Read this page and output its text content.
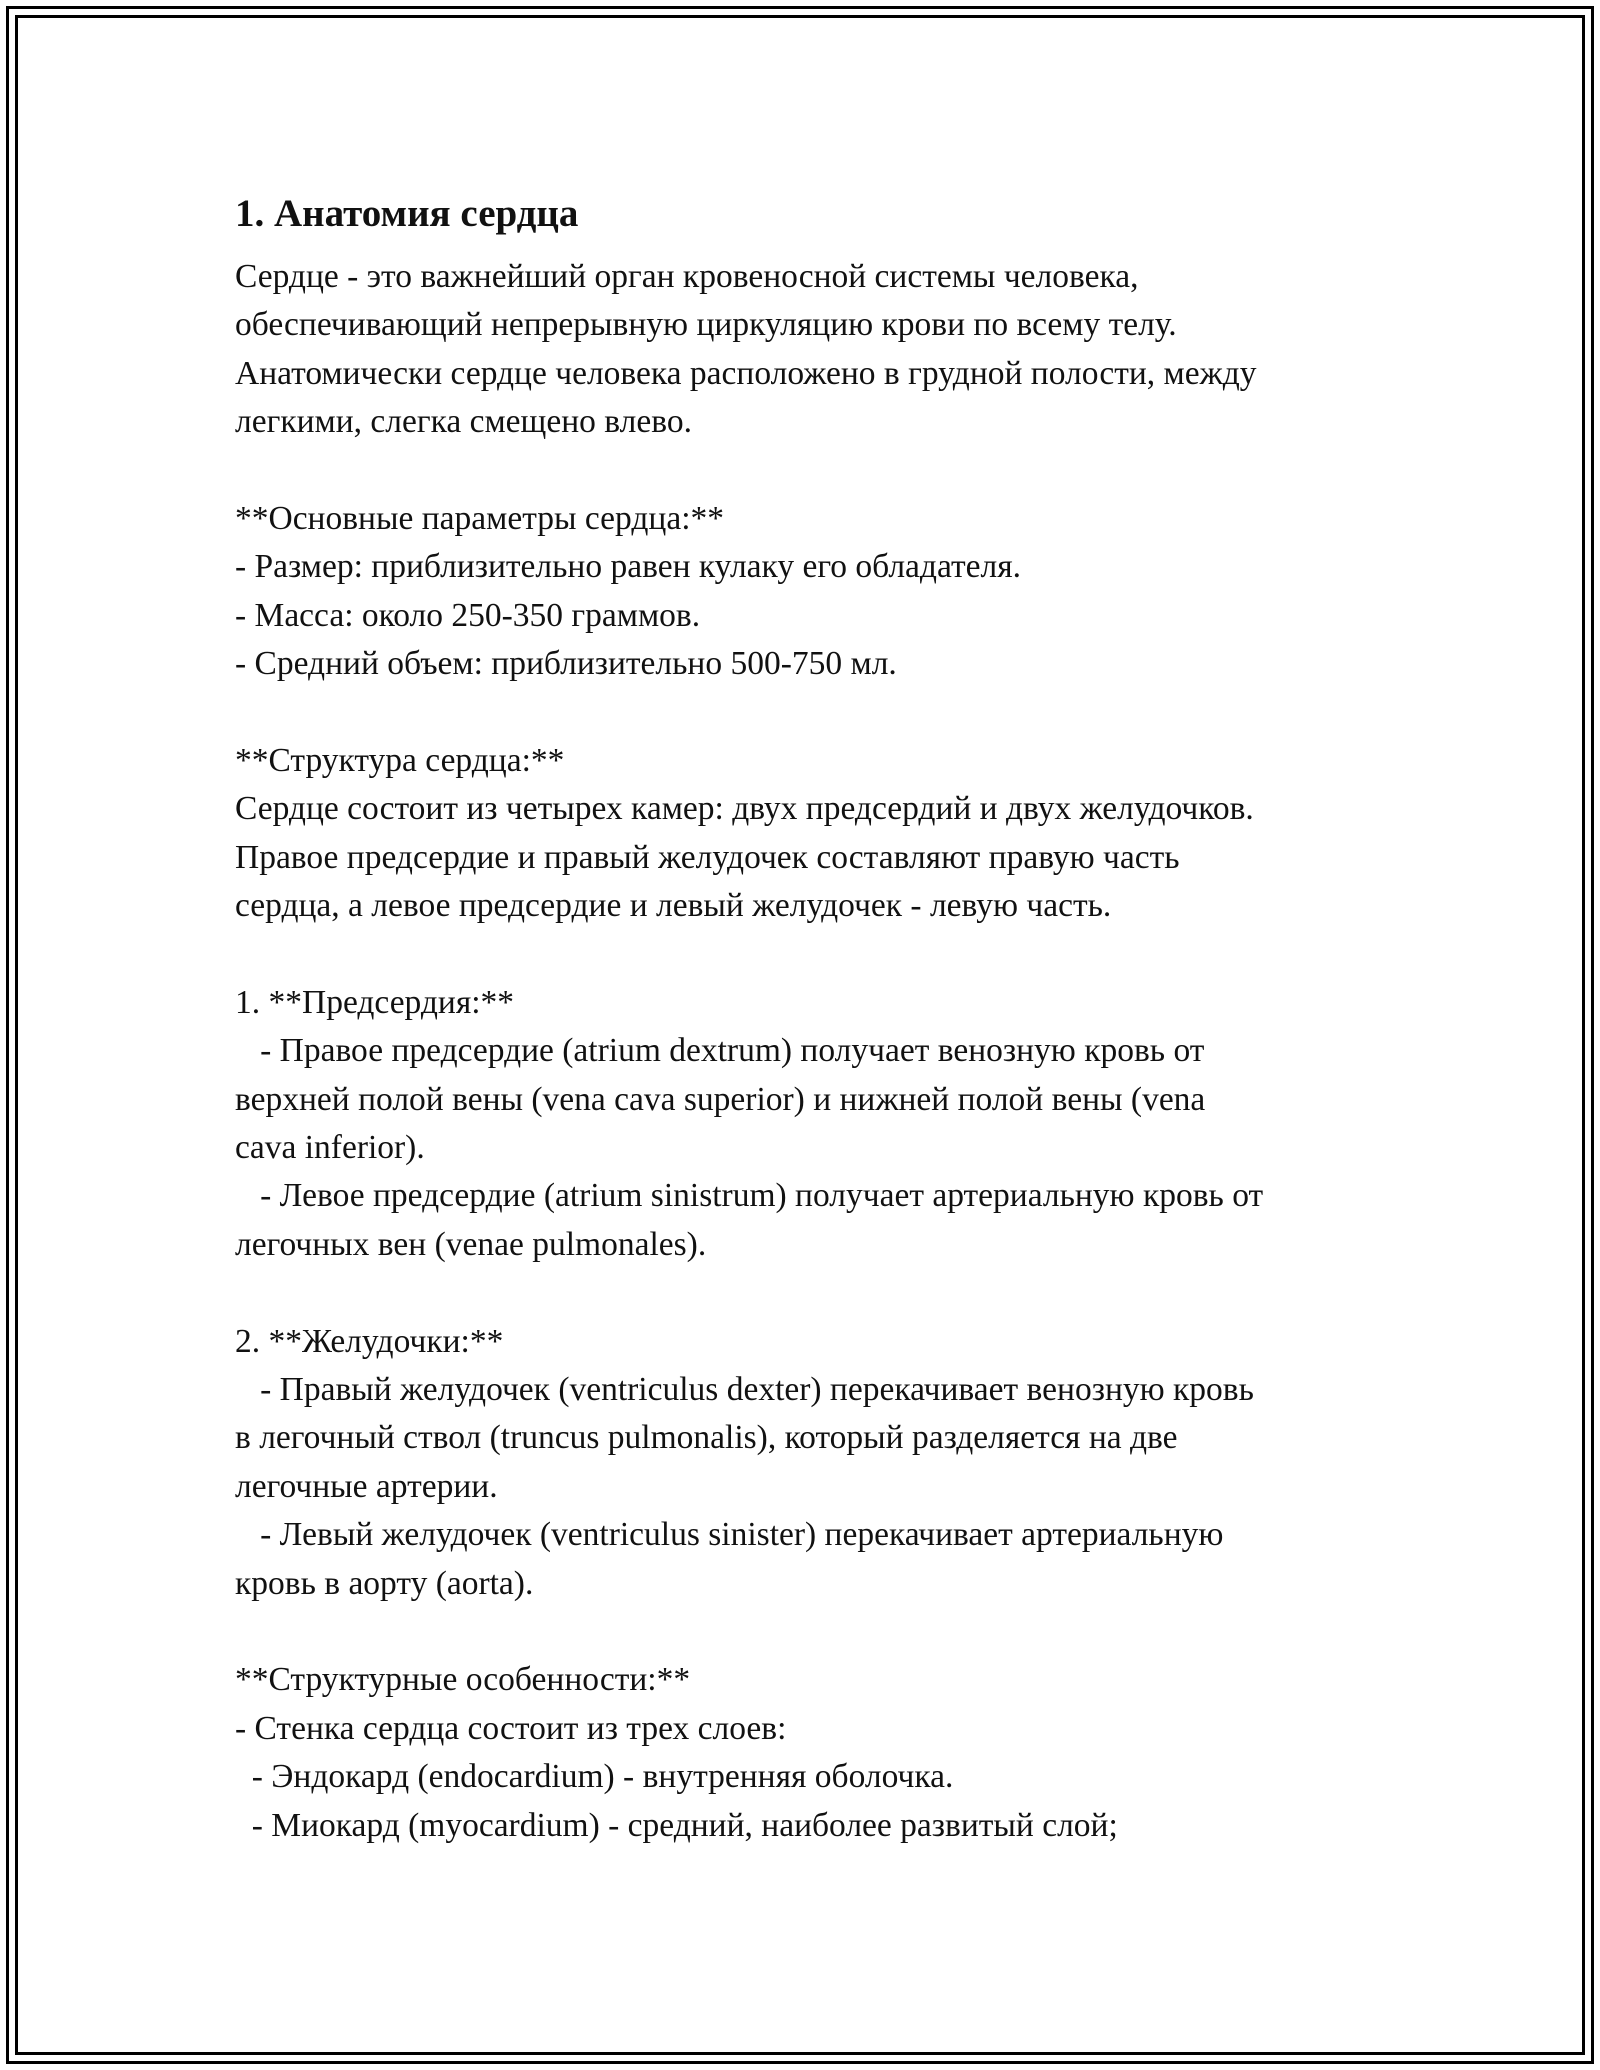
1. Анатомия сердца
Сердце - это важнейший орган кровеносной системы человека,
обеспечивающий непрерывную циркуляцию крови по всему телу.
Анатомически сердце человека расположено в грудной полости, между
легкими, слегка смещено влево.
**Основные параметры сердца:**
- Размер: приблизительно равен кулаку его обладателя.
- Масса: около 250-350 граммов.
- Средний объем: приблизительно 500-750 мл.
**Структура сердца:**
Сердце состоит из четырех камер: двух предсердий и двух желудочков.
Правое предсердие и правый желудочек составляют правую часть
сердца, а левое предсердие и левый желудочек - левую часть.
1. **Предсердия:**
- Правое предсердие (atrium dextrum) получает венозную кровь от
верхней полой вены (vena cava superior) и нижней полой вены (vena
cava inferior).
- Левое предсердие (atrium sinistrum) получает артериальную кровь от
легочных вен (venae pulmonales).
2. **Желудочки:**
- Правый желудочек (ventriculus dexter) перекачивает венозную кровь
в легочный ствол (truncus pulmonalis), который разделяется на две
легочные артерии.
- Левый желудочек (ventriculus sinister) перекачивает артериальную
кровь в аорту (aorta).
**Структурные особенности:**
- Стенка сердца состоит из трех слоев:
- Эндокард (endocardium) - внутренняя оболочка.
- Миокард (myocardium) - средний, наиболее развитый слой;
